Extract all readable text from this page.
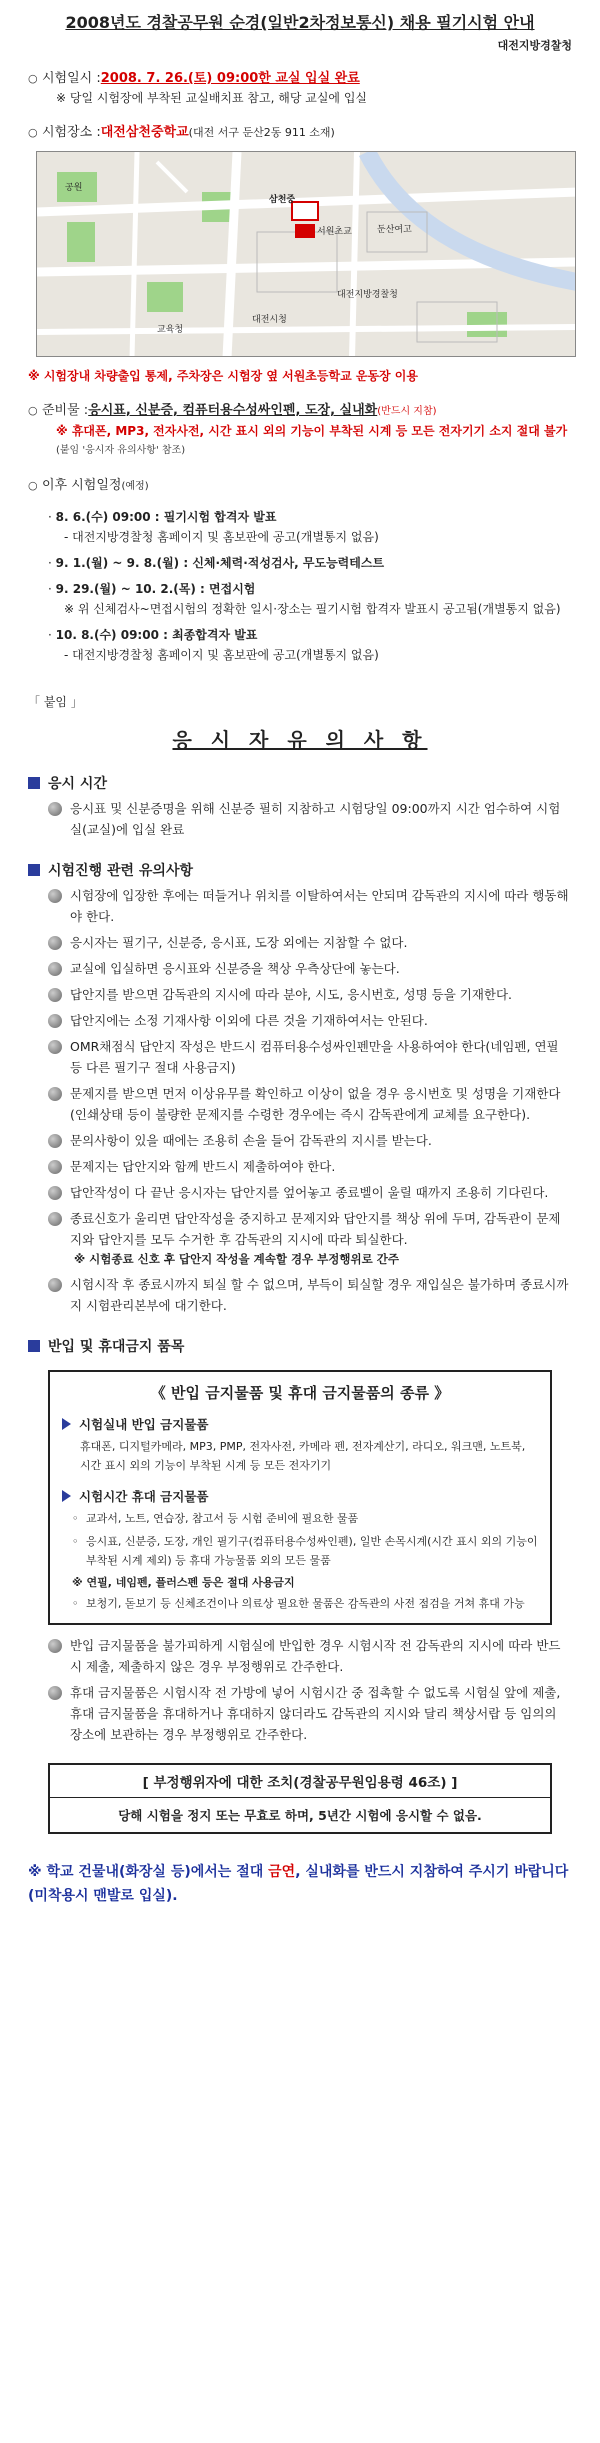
2008년도 경찰공무원 순경(일반2차정보통신) 채용 필기시험 안내
대전지방경찰청
○ 시험일시 : 2008. 7. 26.(토) 09:00한 교실 입실 완료
※ 당일 시험장에 부착된 교실배치표 참고, 해당 교실에 입실
○ 시험장소 : 대전삼천중학교 (대전 서구 둔산2동 911 소재)
삼천중
대전시청
둔산여고
대전지방경찰청
서원초교
공원
교육청
※ 시험장내 차량출입 통제, 주차장은 시험장 옆 서원초등학교 운동장 이용
○ 준비물 : 응시표, 신분증, 컴퓨터용수성싸인펜, 도장, 실내화 (반드시 지참)
※ 휴대폰, MP3, 전자사전, 시간 표시 외의 기능이 부착된 시계 등 모든 전자기기 소지 절대 불가 (붙임 '응시자 유의사항' 참조)
○ 이후 시험일정 (예정)
· 8. 6.(수) 09:00 : 필기시험 합격자 발표
- 대전지방경찰청 홈페이지 및 홈보판에 공고(개별통지 없음)
· 9. 1.(월) ~ 9. 8.(월) : 신체·체력·적성검사, 무도능력테스트
· 9. 29.(월) ~ 10. 2.(목) : 면접시험
※ 위 신체검사~면접시험의 정확한 일시·장소는 필기시험 합격자 발표시 공고됨(개별통지 없음)
· 10. 8.(수) 09:00 : 최종합격자 발표
- 대전지방경찰청 홈페이지 및 홈보판에 공고(개별통지 없음)
「 붙임 」
응 시 자 유 의 사 항
응시 시간
응시표 및 신분증명을 위해 신분증 필히 지참하고 시험당일 09:00까지 시간 엄수하여 시험실(교실)에 입실 완료
시험진행 관련 유의사항
시험장에 입장한 후에는 떠들거나 위치를 이탈하여서는 안되며 감독관의 지시에 따라 행동해야 한다.
응시자는 필기구, 신분증, 응시표, 도장 외에는 지참할 수 없다.
교실에 입실하면 응시표와 신분증을 책상 우측상단에 놓는다.
답안지를 받으면 감독관의 지시에 따라 분야, 시도, 응시번호, 성명 등을 기재한다.
답안지에는 소정 기재사항 이외에 다른 것을 기재하여서는 안된다.
OMR채점식 답안지 작성은 반드시 컴퓨터용수성싸인펜만을 사용하여야 한다(네임펜, 연필 등 다른 필기구 절대 사용금지)
문제지를 받으면 먼저 이상유무를 확인하고 이상이 없을 경우 응시번호 및 성명을 기재한다(인쇄상태 등이 불량한 문제지를 수령한 경우에는 즉시 감독관에게 교체를 요구한다).
문의사항이 있을 때에는 조용히 손을 들어 감독관의 지시를 받는다.
문제지는 답안지와 함께 반드시 제출하여야 한다.
답안작성이 다 끝난 응시자는 답안지를 엎어놓고 종료벨이 울릴 때까지 조용히 기다린다.
종료신호가 울리면 답안작성을 중지하고 문제지와 답안지를 책상 위에 두며, 감독관이 문제지와 답안지를 모두 수거한 후 감독관의 지시에 따라 퇴실한다.
※ 시험종료 신호 후 답안지 작성을 계속할 경우 부정행위로 간주
시험시작 후 종료시까지 퇴실 할 수 없으며, 부득이 퇴실할 경우 재입실은 불가하며 종료시까지 시험관리본부에 대기한다.
반입 및 휴대금지 품목
《 반입 금지물품 및 휴대 금지물품의 종류 》
시험실내 반입 금지물품
휴대폰, 디지털카메라, MP3, PMP, 전자사전, 카메라 펜, 전자계산기, 라디오, 워크맨, 노트북, 시간 표시 외의 기능이 부착된 시계 등 모든 전자기기
시험시간 휴대 금지물품
◦ 교과서, 노트, 연습장, 참고서 등 시험 준비에 필요한 물품
◦ 응시표, 신분증, 도장, 개인 필기구(컴퓨터용수성싸인펜), 일반 손목시계(시간 표시 외의 기능이 부착된 시계 제외) 등 휴대 가능물품 외의 모든 물품
※ 연필, 네임펜, 플러스펜 등은 절대 사용금지
◦ 보청기, 돋보기 등 신체조건이나 의료상 필요한 물품은 감독관의 사전 점검을 거쳐 휴대 가능
반입 금지물품을 불가피하게 시험실에 반입한 경우 시험시작 전 감독관의 지시에 따라 반드시 제출, 제출하지 않은 경우 부정행위로 간주한다.
휴대 금지물품은 시험시작 전 가방에 넣어 시험시간 중 접촉할 수 없도록 시험실 앞에 제출, 휴대 금지물품을 휴대하거나 휴대하지 않더라도 감독관의 지시와 달리 책상서랍 등 임의의 장소에 보관하는 경우 부정행위로 간주한다.
[ 부정행위자에 대한 조치(경찰공무원임용령 46조) ]
당해 시험을 정지 또는 무효로 하며, 5년간 시험에 응시할 수 없음.
※ 학교 건물내(화장실 등)에서는 절대 금연, 실내화를 반드시 지참하여 주시기 바랍니다(미착용시 맨발로 입실).
